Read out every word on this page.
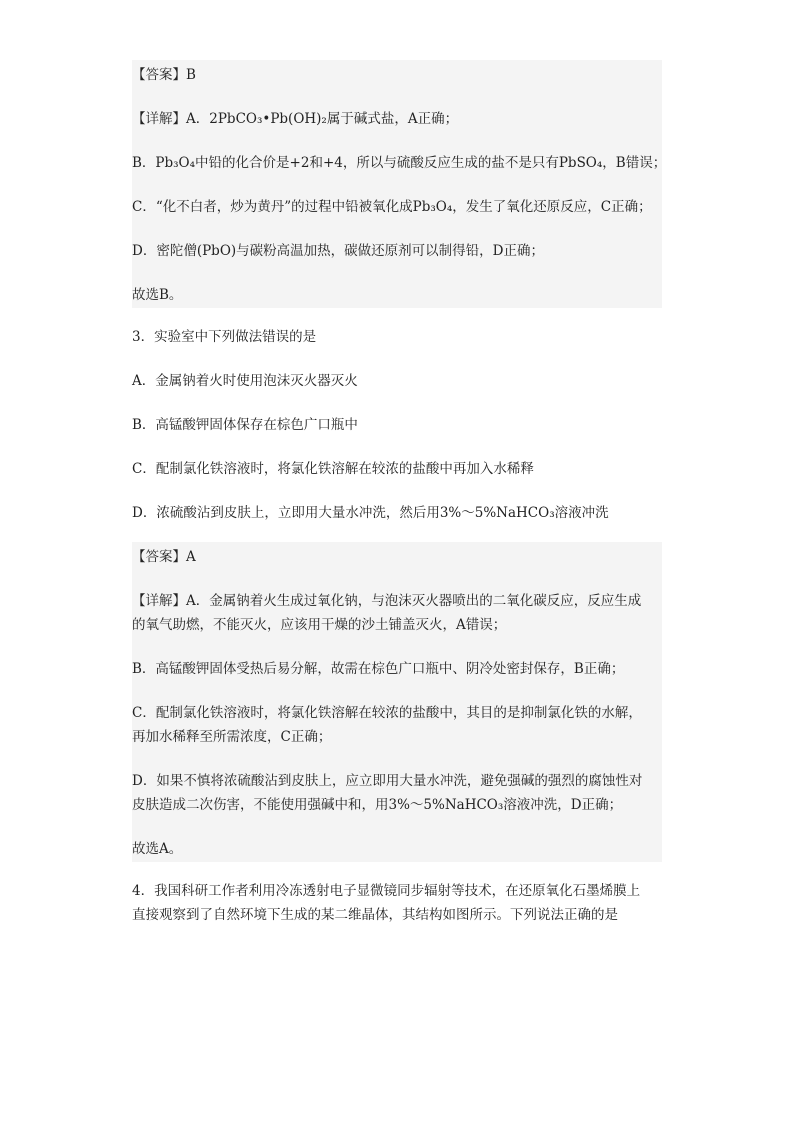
【答案】B
【详解】A．2PbCO₃•Pb(OH)₂属于碱式盐，A正确；
B．Pb₃O₄中铅的化合价是+2和+4，所以与硫酸反应生成的盐不是只有PbSO₄，B错误；
C．“化不白者，炒为黄丹”的过程中铅被氧化成Pb₃O₄，发生了氧化还原反应，C正确；
D．密陀僧(PbO)与碳粉高温加热，碳做还原剂可以制得铅，D正确；
故选B。
3．实验室中下列做法错误的是
A．金属钠着火时使用泡沫灭火器灭火
B．高锰酸钾固体保存在棕色广口瓶中
C．配制氯化铁溶液时，将氯化铁溶解在较浓的盐酸中再加入水稀释
D．浓硫酸沾到皮肤上，立即用大量水冲洗，然后用3%～5%NaHCO₃溶液冲洗
【答案】A
【详解】A．金属钠着火生成过氧化钠，与泡沫灭火器喷出的二氧化碳反应，反应生成
的氧气助燃，不能灭火，应该用干燥的沙土铺盖灭火，A错误；
B．高锰酸钾固体受热后易分解，故需在棕色广口瓶中、阴冷处密封保存，B正确；
C．配制氯化铁溶液时，将氯化铁溶解在较浓的盐酸中，其目的是抑制氯化铁的水解，
再加水稀释至所需浓度，C正确；
D．如果不慎将浓硫酸沾到皮肤上，应立即用大量水冲洗，避免强碱的强烈的腐蚀性对
皮肤造成二次伤害，不能使用强碱中和，用3%～5%NaHCO₃溶液冲洗，D正确；
故选A。
4．我国科研工作者利用冷冻透射电子显微镜同步辐射等技术，在还原氧化石墨烯膜上
直接观察到了自然环境下生成的某二维晶体，其结构如图所示。下列说法正确的是
